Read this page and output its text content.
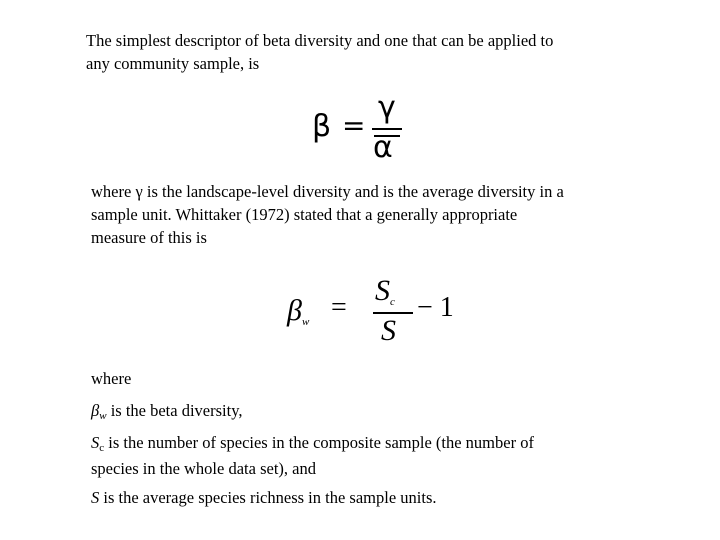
The simplest descriptor of beta diversity and one that can be applied to
any community sample, is

β =
γ
α

where γ is the landscape-level diversity and is the average diversity in a
sample unit. Whittaker (1972) stated that a generally appropriate
measure of this is

βw =
Sc
S
− 1

where

βw is the beta diversity,

Sc is the number of species in the composite sample (the number of
species in the whole data set), and

S is the average species richness in the sample units.
